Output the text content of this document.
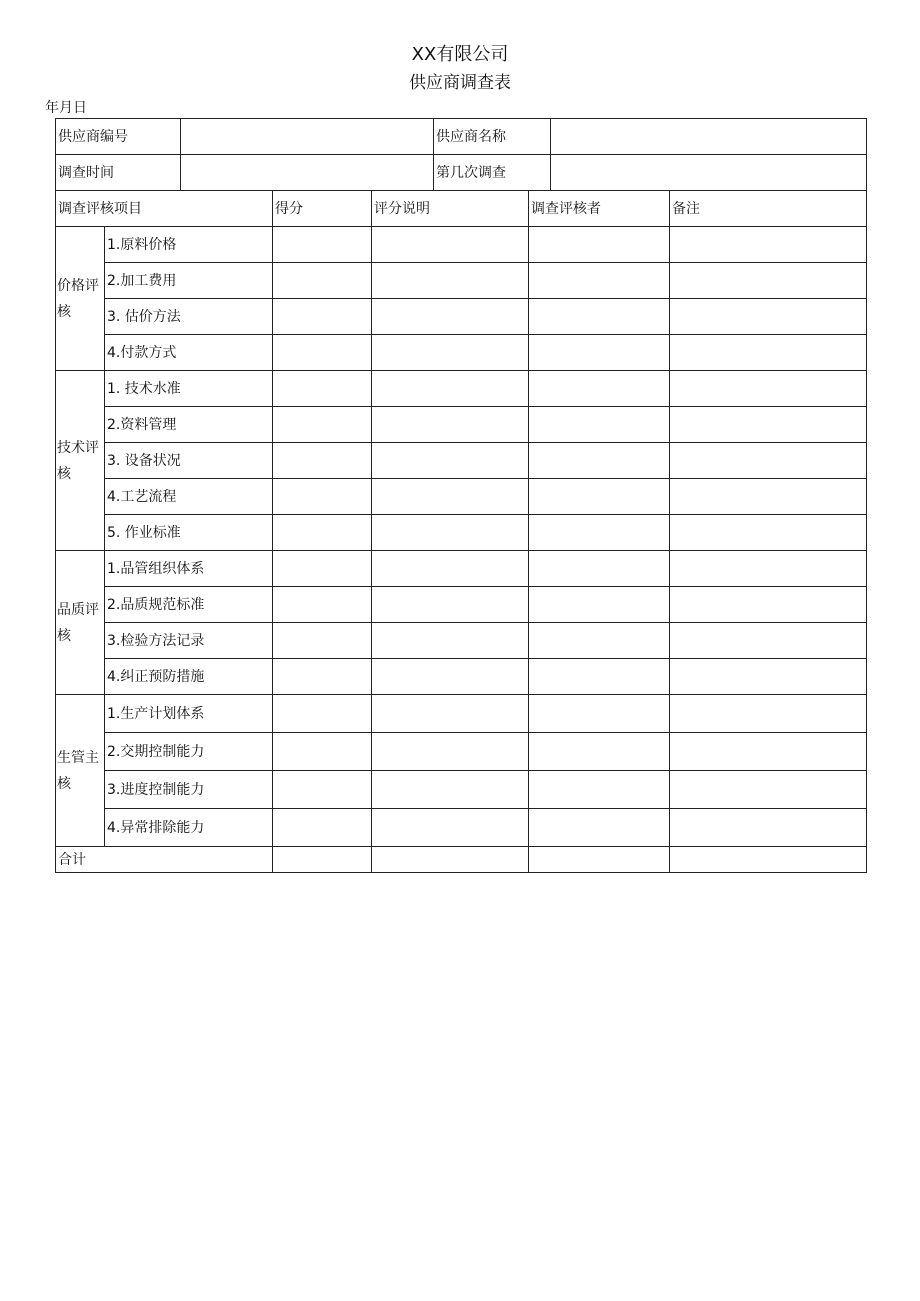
XX有限公司
供应商调查表
年月日
供应商编号					供应商名称			
调查时间					第几次调查			
调查评核项目			得分	评分说明		调查评核者		备注
价格评核	1.原料价格							
	2.加工费用							
	3. 估价方法							
	4.付款方式							
技术评核	1. 技术水准							
	2.资料管理							
	3. 设备状况							
	4.工艺流程							
	5. 作业标准							
品质评核	1.品管组织体系							
	2.品质规范标准							
	3.检验方法记录							
	4.纠正预防措施							
生管主核	1.生产计划体系							
	2.交期控制能力							
	3.进度控制能力							
	4.异常排除能力							
合计								
